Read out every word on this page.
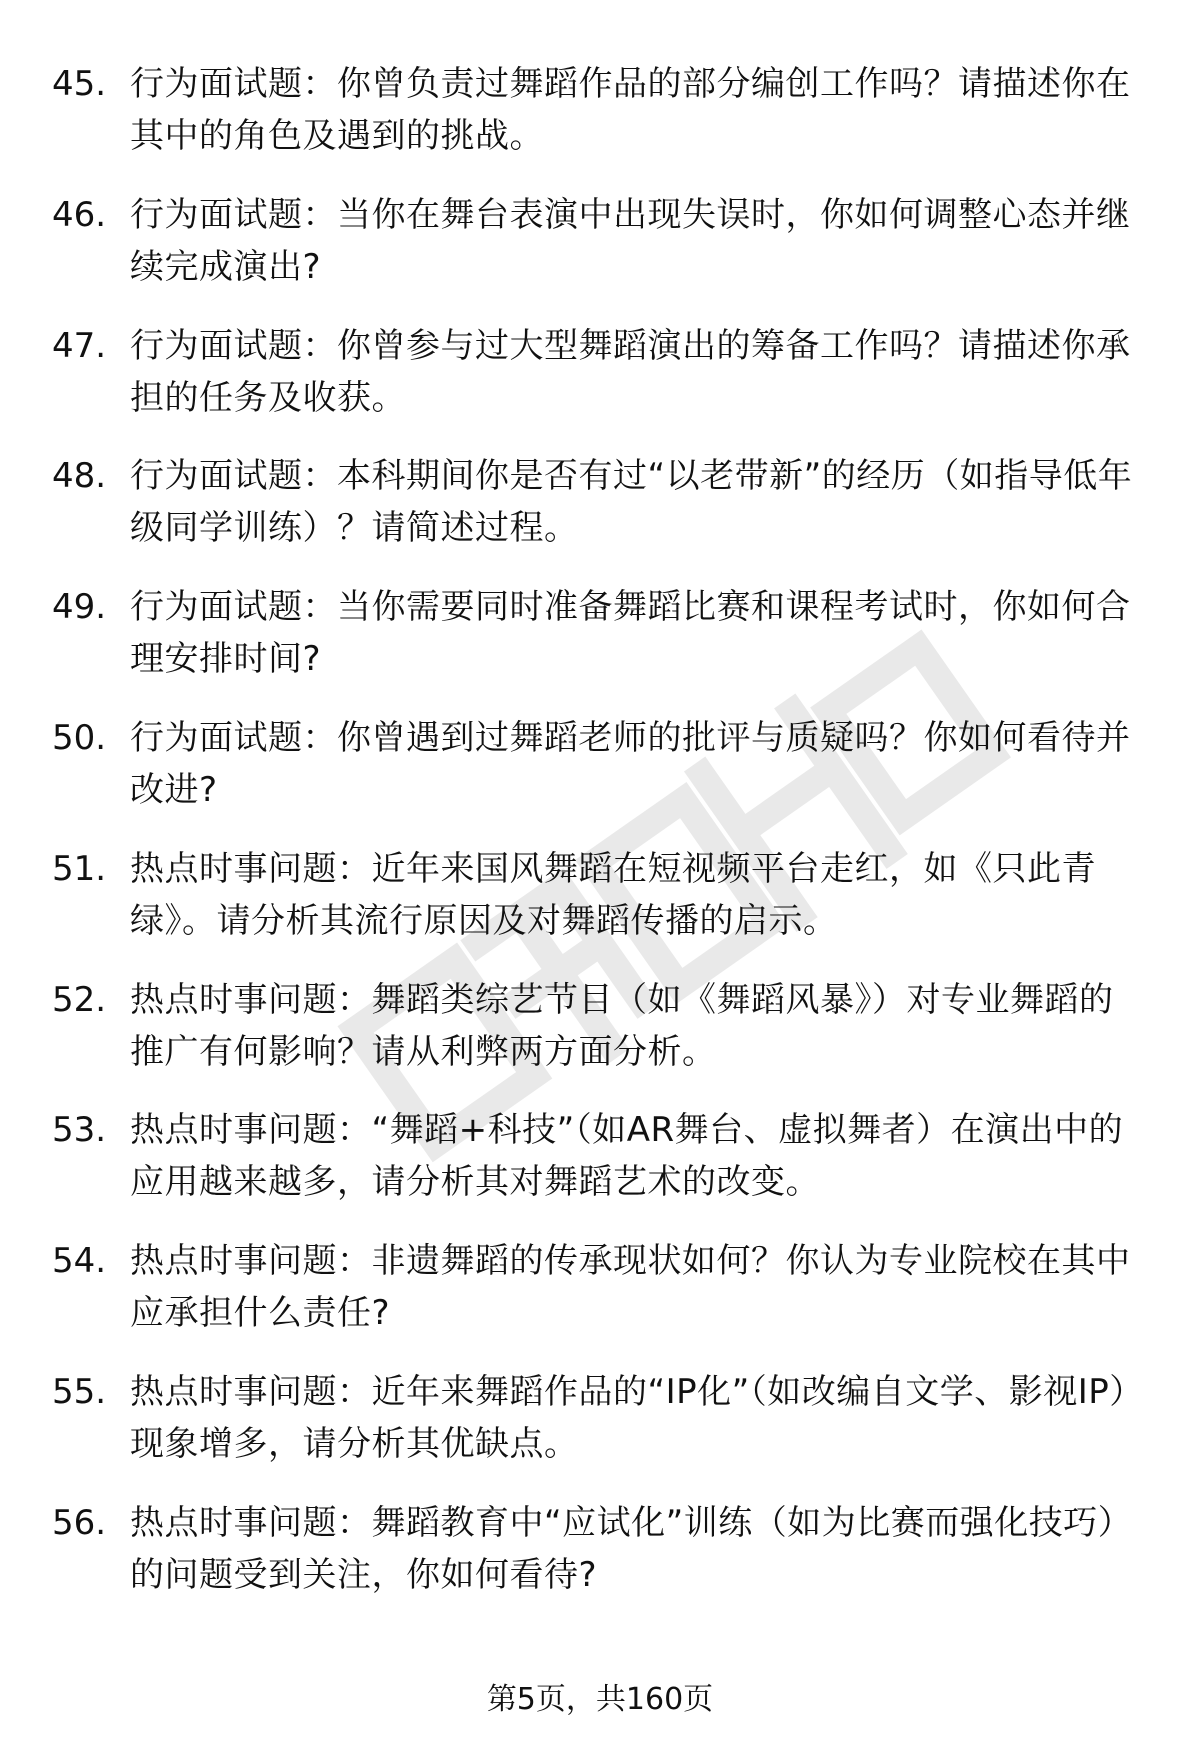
45. 行为面试题：你曾负责过舞蹈作品的部分编创工作吗？请描述你在其中的角色及遇到的挑战。
46. 行为面试题：当你在舞台表演中出现失误时，你如何调整心态并继续完成演出?
47. 行为面试题：你曾参与过大型舞蹈演出的筹备工作吗？请描述你承担的任务及收获。
48. 行为面试题：本科期间你是否有过“以老带新”的经历（如指导低年级同学训练）？请简述过程。
49. 行为面试题：当你需要同时准备舞蹈比赛和课程考试时，你如何合理安排时间?
50. 行为面试题：你曾遇到过舞蹈老师的批评与质疑吗？你如何看待并改进?
51. 热点时事问题：近年来国风舞蹈在短视频平台走红，如《只此青绿》。请分析其流行原因及对舞蹈传播的启示。
52. 热点时事问题：舞蹈类综艺节目（如《舞蹈风暴》）对专业舞蹈的推广有何影响？请从利弊两方面分析。
53. 热点时事问题：“舞蹈+科技”（如AR舞台、虚拟舞者）在演出中的应用越来越多，请分析其对舞蹈艺术的改变。
54. 热点时事问题：非遗舞蹈的传承现状如何？你认为专业院校在其中应承担什么责任?
55. 热点时事问题：近年来舞蹈作品的“IP化”（如改编自文学、影视IP）现象增多，请分析其优缺点。
56. 热点时事问题：舞蹈教育中“应试化”训练（如为比赛而强化技巧）的问题受到关注，你如何看待?
第5页，共160页
